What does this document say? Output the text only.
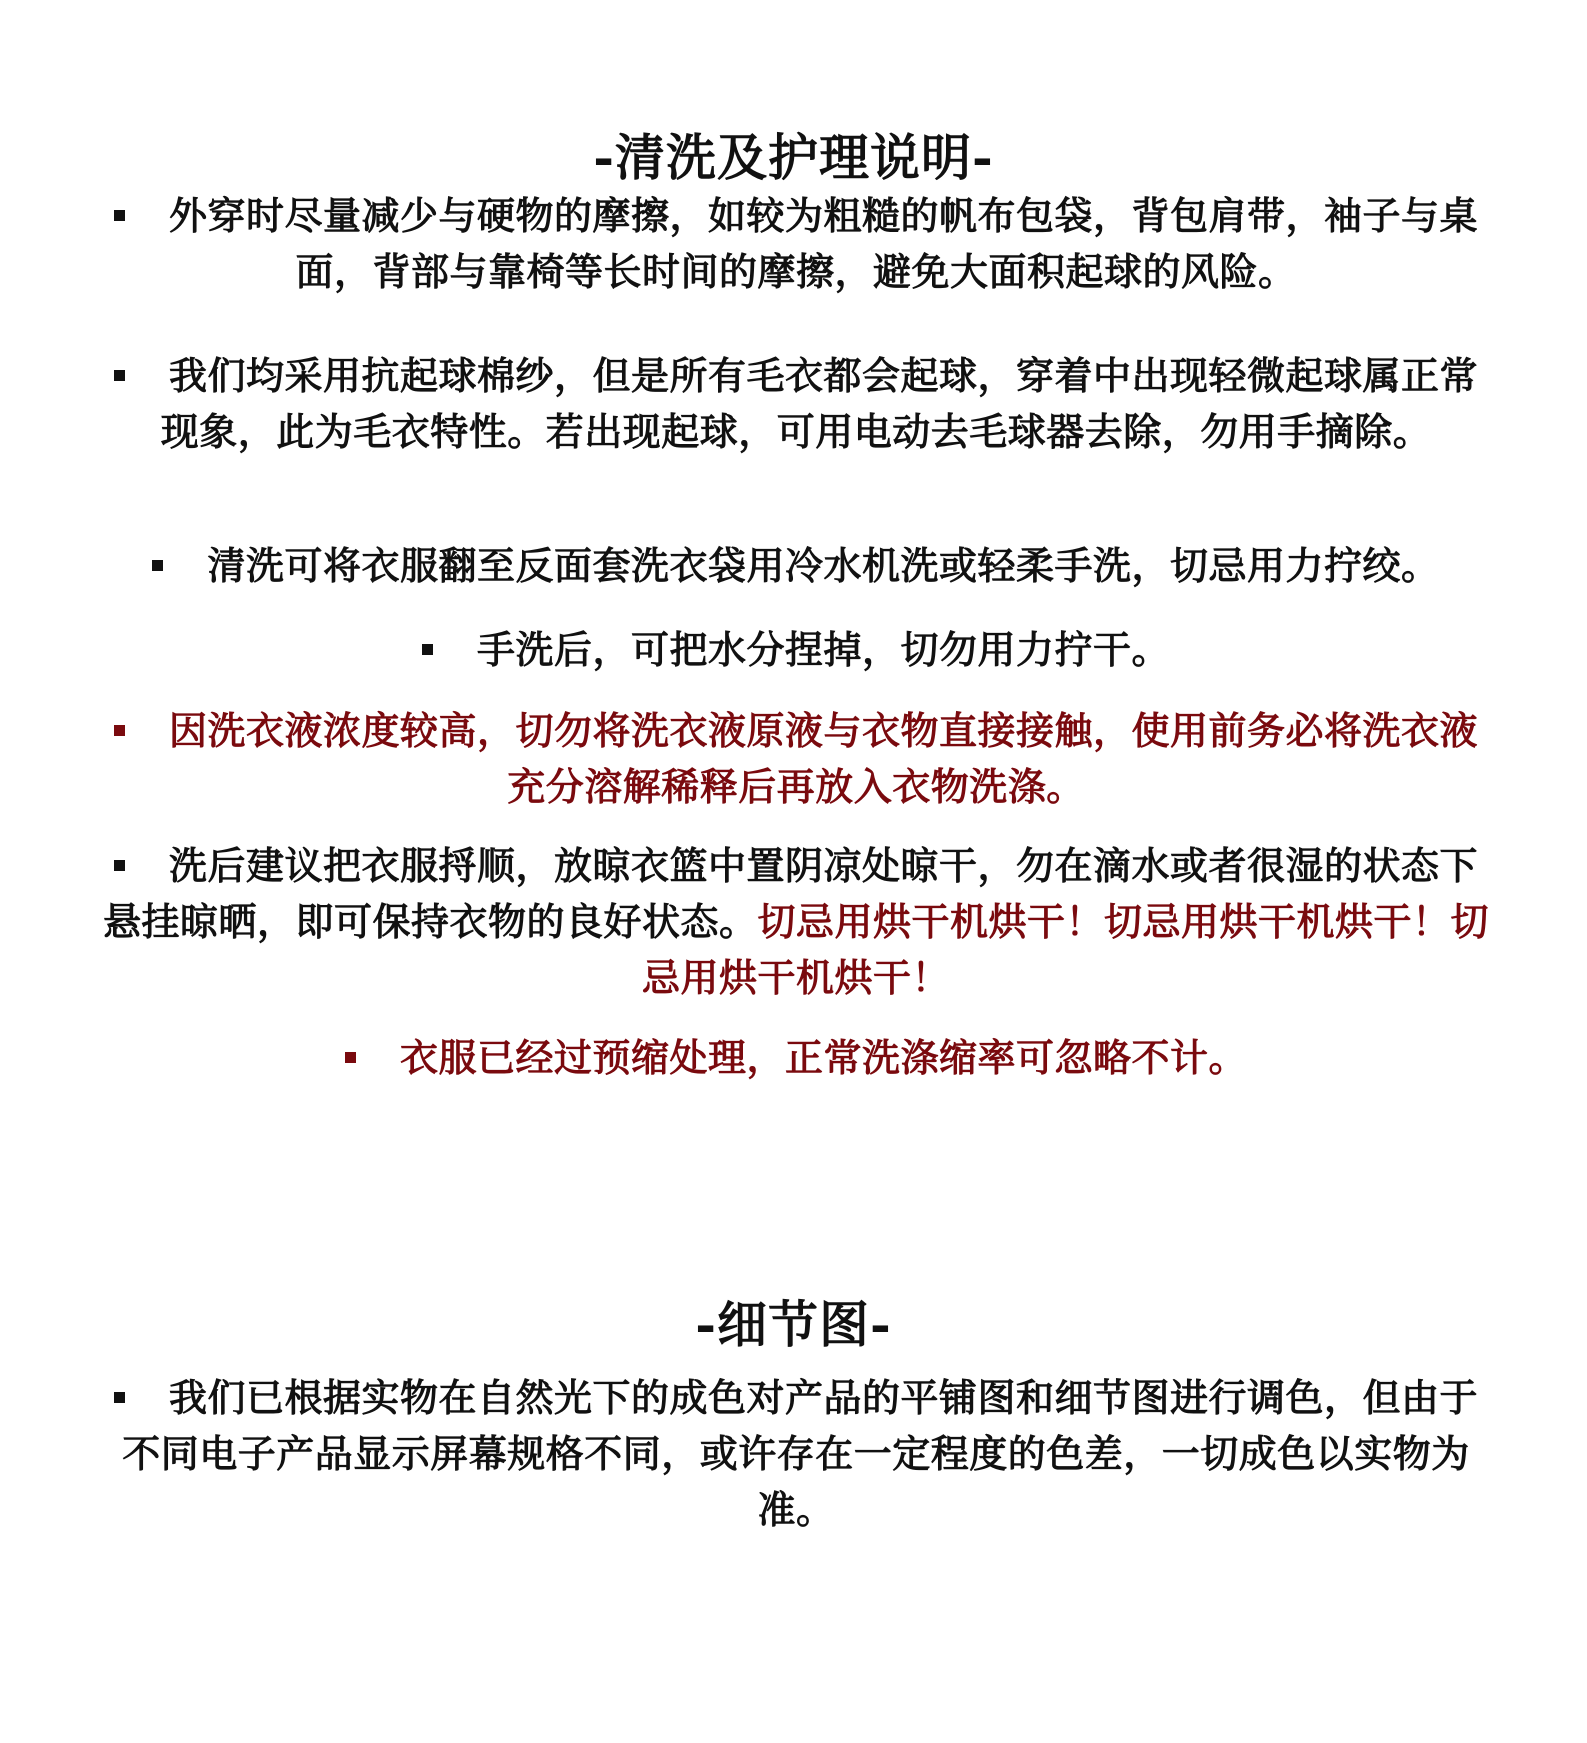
-清洗及护理说明-
外穿时尽量减少与硬物的摩擦，如较为粗糙的帆布包袋，背包肩带，袖子与桌面，背部与靠椅等长时间的摩擦，避免大面积起球的风险。
我们均采用抗起球棉纱，但是所有毛衣都会起球，穿着中出现轻微起球属正常现象，此为毛衣特性。若出现起球，可用电动去毛球器去除，勿用手摘除。
清洗可将衣服翻至反面套洗衣袋用冷水机洗或轻柔手洗，切忌用力拧绞。
手洗后，可把水分捏掉，切勿用力拧干。
因洗衣液浓度较高，切勿将洗衣液原液与衣物直接接触，使用前务必将洗衣液充分溶解稀释后再放入衣物洗涤。
洗后建议把衣服捋顺，放晾衣篮中置阴凉处晾干，勿在滴水或者很湿的状态下悬挂晾晒，即可保持衣物的良好状态。切忌用烘干机烘干！切忌用烘干机烘干！切忌用烘干机烘干！
衣服已经过预缩处理，正常洗涤缩率可忽略不计。
-细节图-
我们已根据实物在自然光下的成色对产品的平铺图和细节图进行调色，但由于不同电子产品显示屏幕规格不同，或许存在一定程度的色差，一切成色以实物为准。
